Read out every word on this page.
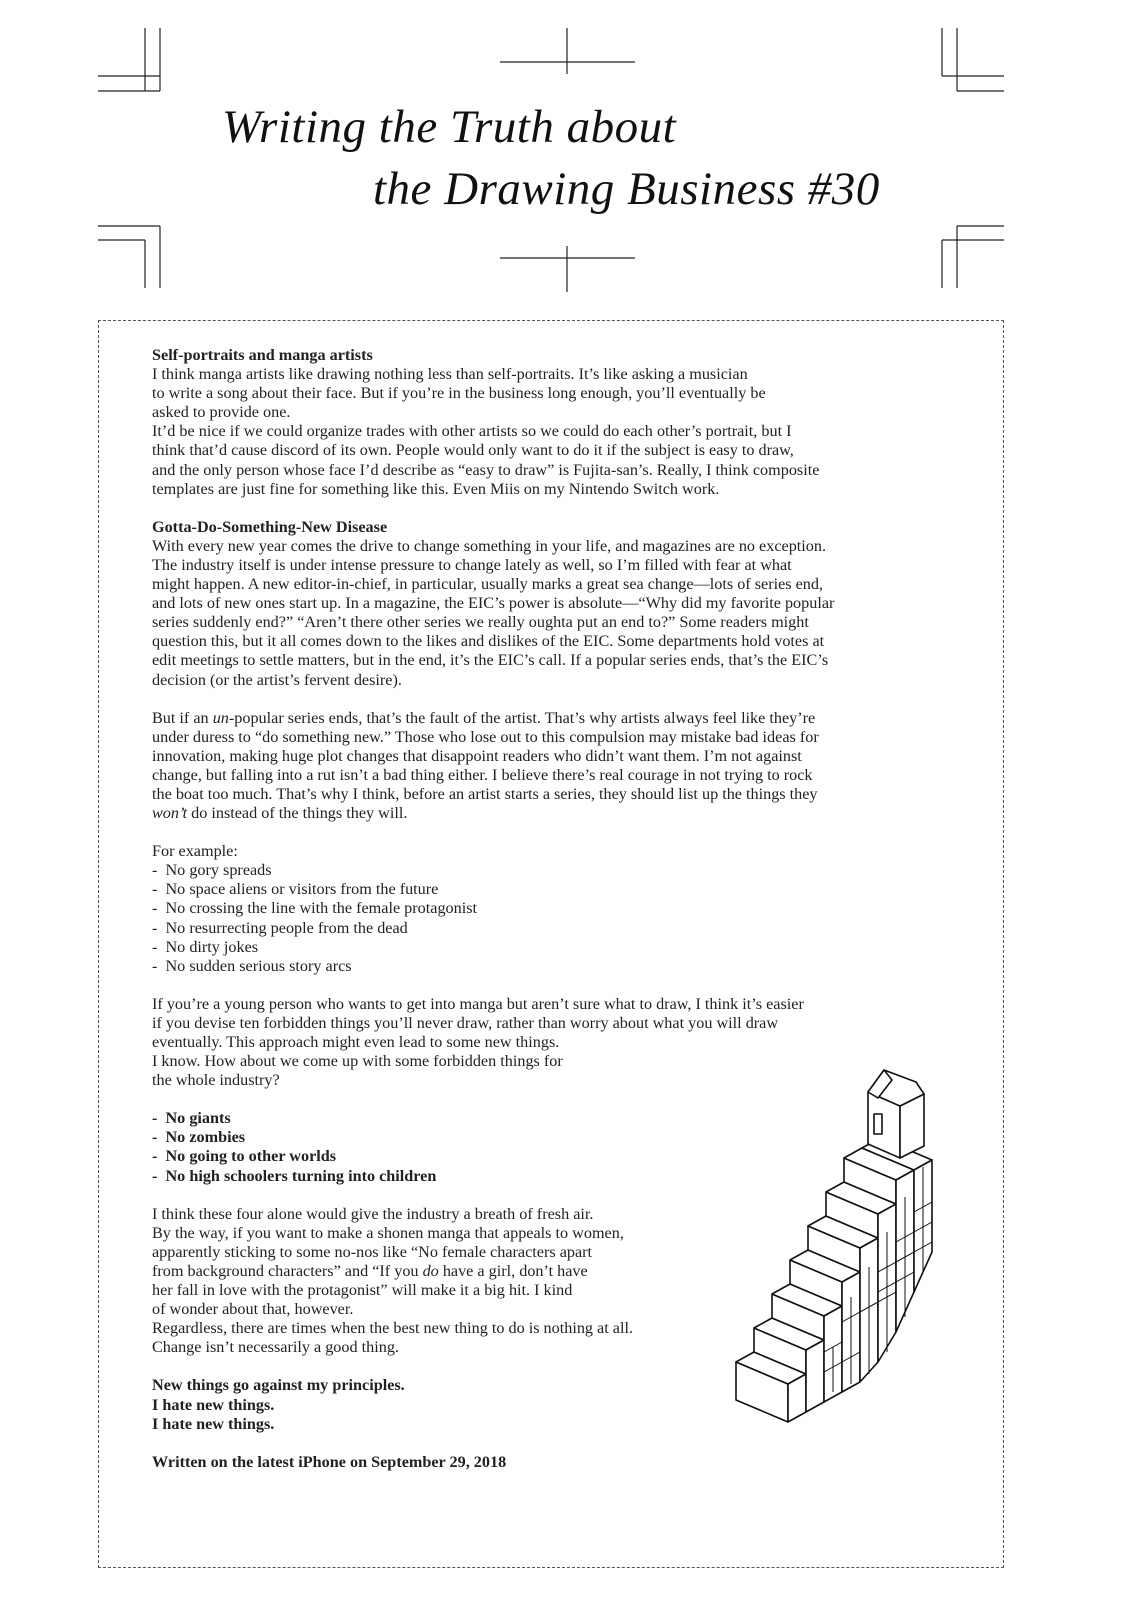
Writing the Truth about
the Drawing Business #30

Self-portraits and manga artists

I think manga artists like drawing nothing less than self-portraits. It’s like asking a musician

to write a song about their face. But if you’re in the business long enough, you’ll eventually be

asked to provide one.

It’d be nice if we could organize trades with other artists so we could do each other’s portrait, but I

think that’d cause discord of its own. People would only want to do it if the subject is easy to draw,

and the only person whose face I’d describe as “easy to draw” is Fujita-san’s. Really, I think composite

templates are just fine for something like this. Even Miis on my Nintendo Switch work.

Gotta-Do-Something-New Disease

With every new year comes the drive to change something in your life, and magazines are no exception.

The industry itself is under intense pressure to change lately as well, so I’m filled with fear at what

might happen. A new editor-in-chief, in particular, usually marks a great sea change—lots of series end,

and lots of new ones start up. In a magazine, the EIC’s power is absolute—“Why did my favorite popular

series suddenly end?” “Aren’t there other series we really oughta put an end to?” Some readers might

question this, but it all comes down to the likes and dislikes of the EIC. Some departments hold votes at

edit meetings to settle matters, but in the end, it’s the EIC’s call. If a popular series ends, that’s the EIC’s

decision (or the artist’s fervent desire).

But if an un-popular series ends, that’s the fault of the artist. That’s why artists always feel like they’re

under duress to “do something new.” Those who lose out to this compulsion may mistake bad ideas for

innovation, making huge plot changes that disappoint readers who didn’t want them. I’m not against

change, but falling into a rut isn’t a bad thing either. I believe there’s real courage in not trying to rock

the boat too much. That’s why I think, before an artist starts a series, they should list up the things they

won’t do instead of the things they will.

For example:

-  No gory spreads

-  No space aliens or visitors from the future

-  No crossing the line with the female protagonist

-  No resurrecting people from the dead

-  No dirty jokes

-  No sudden serious story arcs

If you’re a young person who wants to get into manga but aren’t sure what to draw, I think it’s easier

if you devise ten forbidden things you’ll never draw, rather than worry about what you will draw

eventually. This approach might even lead to some new things.

I know. How about we come up with some forbidden things for

the whole industry?

-  No giants

-  No zombies

-  No going to other worlds

-  No high schoolers turning into children

I think these four alone would give the industry a breath of fresh air.

By the way, if you want to make a shonen manga that appeals to women,

apparently sticking to some no-nos like “No female characters apart

from background characters” and “If you do have a girl, don’t have

her fall in love with the protagonist” will make it a big hit. I kind

of wonder about that, however.

Regardless, there are times when the best new thing to do is nothing at all.

Change isn’t necessarily a good thing.

New things go against my principles.

I hate new things.

I hate new things.

Written on the latest iPhone on September 29, 2018
